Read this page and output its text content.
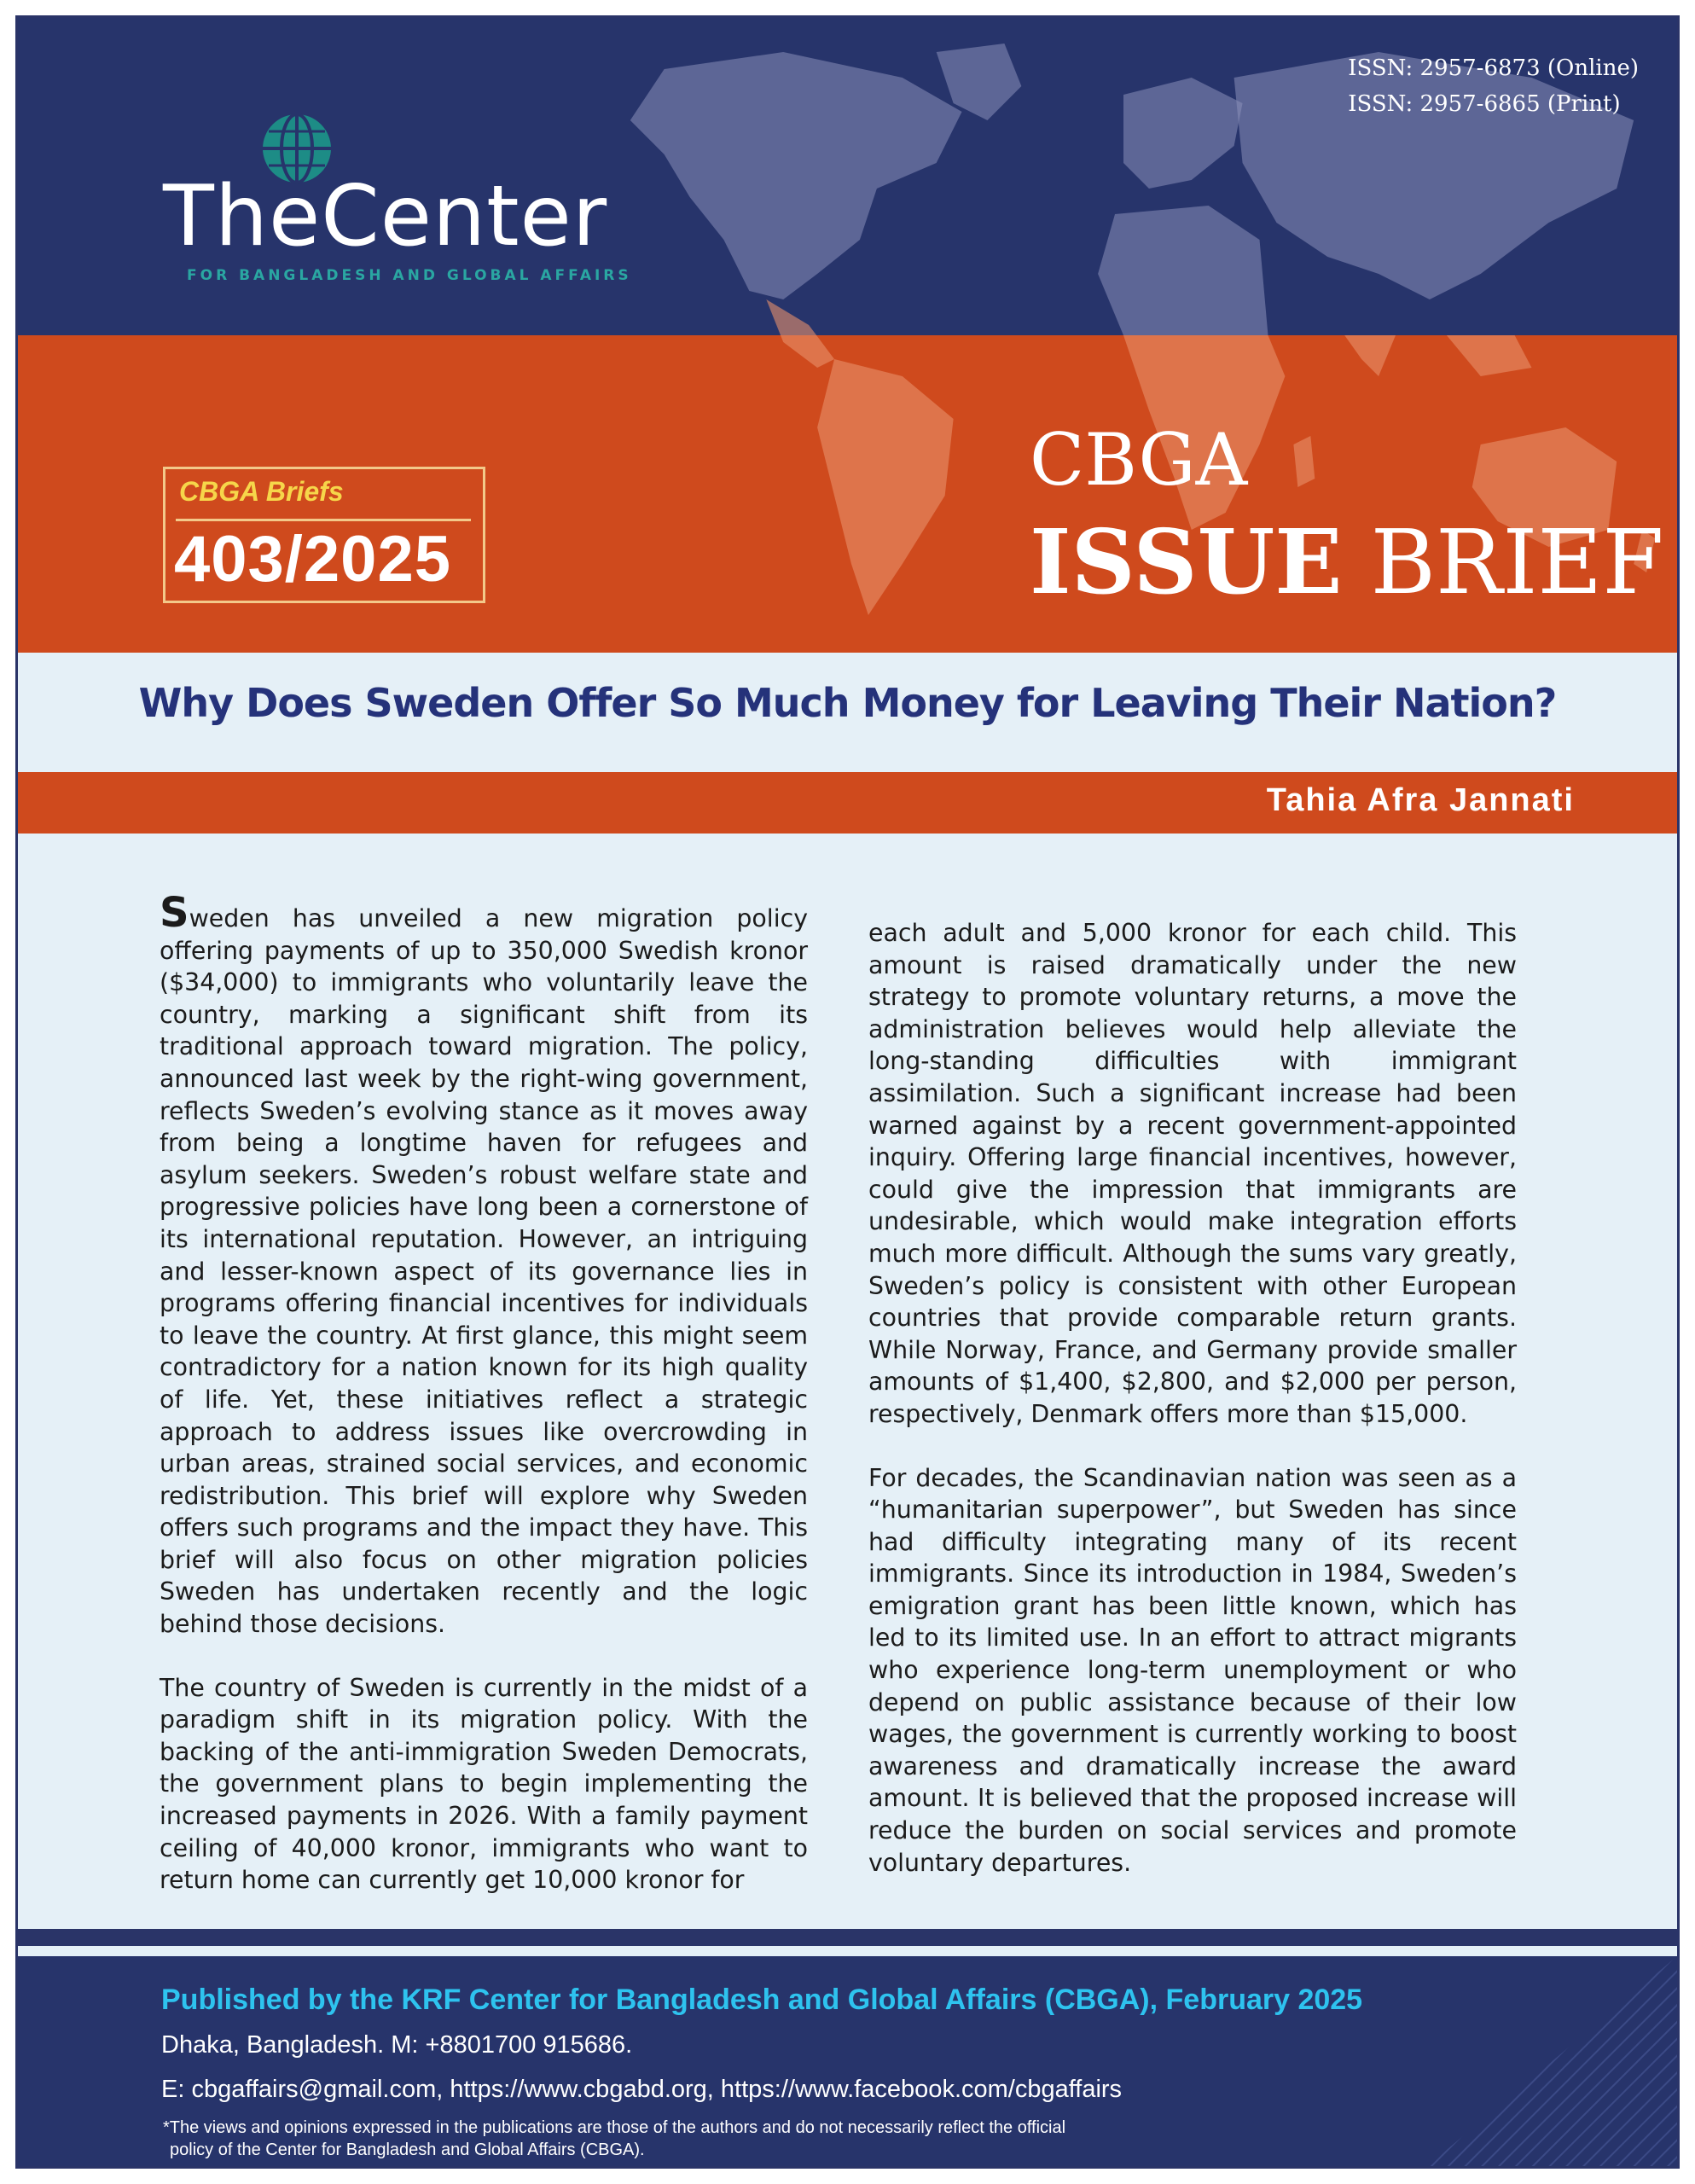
ISSN: 2957-6873 (Online)
ISSN: 2957-6865 (Print)
TheCenter
FOR BANGLADESH AND GLOBAL AFFAIRS
CBGA Briefs
403/2025
CBGA
ISSUE BRIEF
Why Does Sweden Offer So Much Money for Leaving Their Nation?
Tahia Afra Jannati

Sweden has unveiled a new migration policy offering payments of up to 350,000 Swedish kronor ($34,000) to immigrants who voluntarily leave the country, marking a significant shift from its traditional approach toward migration. The policy, announced last week by the right-wing government, reflects Sweden’s evolving stance as it moves away from being a longtime haven for refugees and asylum seekers. Sweden’s robust welfare state and progressive policies have long been a cornerstone of its international reputation. However, an intriguing and lesser-known aspect of its governance lies in programs offering financial incentives for individuals to leave the country. At first glance, this might seem contradictory for a nation known for its high quality of life. Yet, these initiatives reflect a strategic approach to address issues like overcrowding in urban areas, strained social services, and economic redistribution. This brief will explore why Sweden offers such programs and the impact they have. This brief will also focus on other migration policies Sweden has undertaken recently and the logic behind those decisions.

The country of Sweden is currently in the midst of a paradigm shift in its migration policy. With the backing of the anti-immigration Sweden Democrats, the government plans to begin implementing the increased payments in 2026. With a family payment ceiling of 40,000 kronor, immigrants who want to return home can currently get 10,000 kronor for

each adult and 5,000 kronor for each child. This amount is raised dramatically under the new strategy to promote voluntary returns, a move the administration believes would help alleviate the long-standing difficulties with immigrant assimilation. Such a significant increase had been warned against by a recent government-appointed inquiry. Offering large financial incentives, however, could give the impression that immigrants are undesirable, which would make integration efforts much more difficult. Although the sums vary greatly, Sweden’s policy is consistent with other European countries that provide comparable return grants. While Norway, France, and Germany provide smaller amounts of $1,400, $2,800, and $2,000 per person, respectively, Denmark offers more than $15,000.

For decades, the Scandinavian nation was seen as a “humanitarian superpower”, but Sweden has since had difficulty integrating many of its recent immigrants. Since its introduction in 1984, Sweden’s emigration grant has been little known, which has led to its limited use. In an effort to attract migrants who experience long-term unemployment or who depend on public assistance because of their low wages, the government is currently working to boost awareness and dramatically increase the award amount. It is believed that the proposed increase will reduce the burden on social services and promote voluntary departures.

Published by the KRF Center for Bangladesh and Global Affairs (CBGA), February 2025
Dhaka, Bangladesh. M: +8801700 915686.
E: cbgaffairs@gmail.com, https://www.cbgabd.org, https://www.facebook.com/cbgaffairs
*The views and opinions expressed in the publications are those of the authors and do not necessarily reflect the official
policy of the Center for Bangladesh and Global Affairs (CBGA).
